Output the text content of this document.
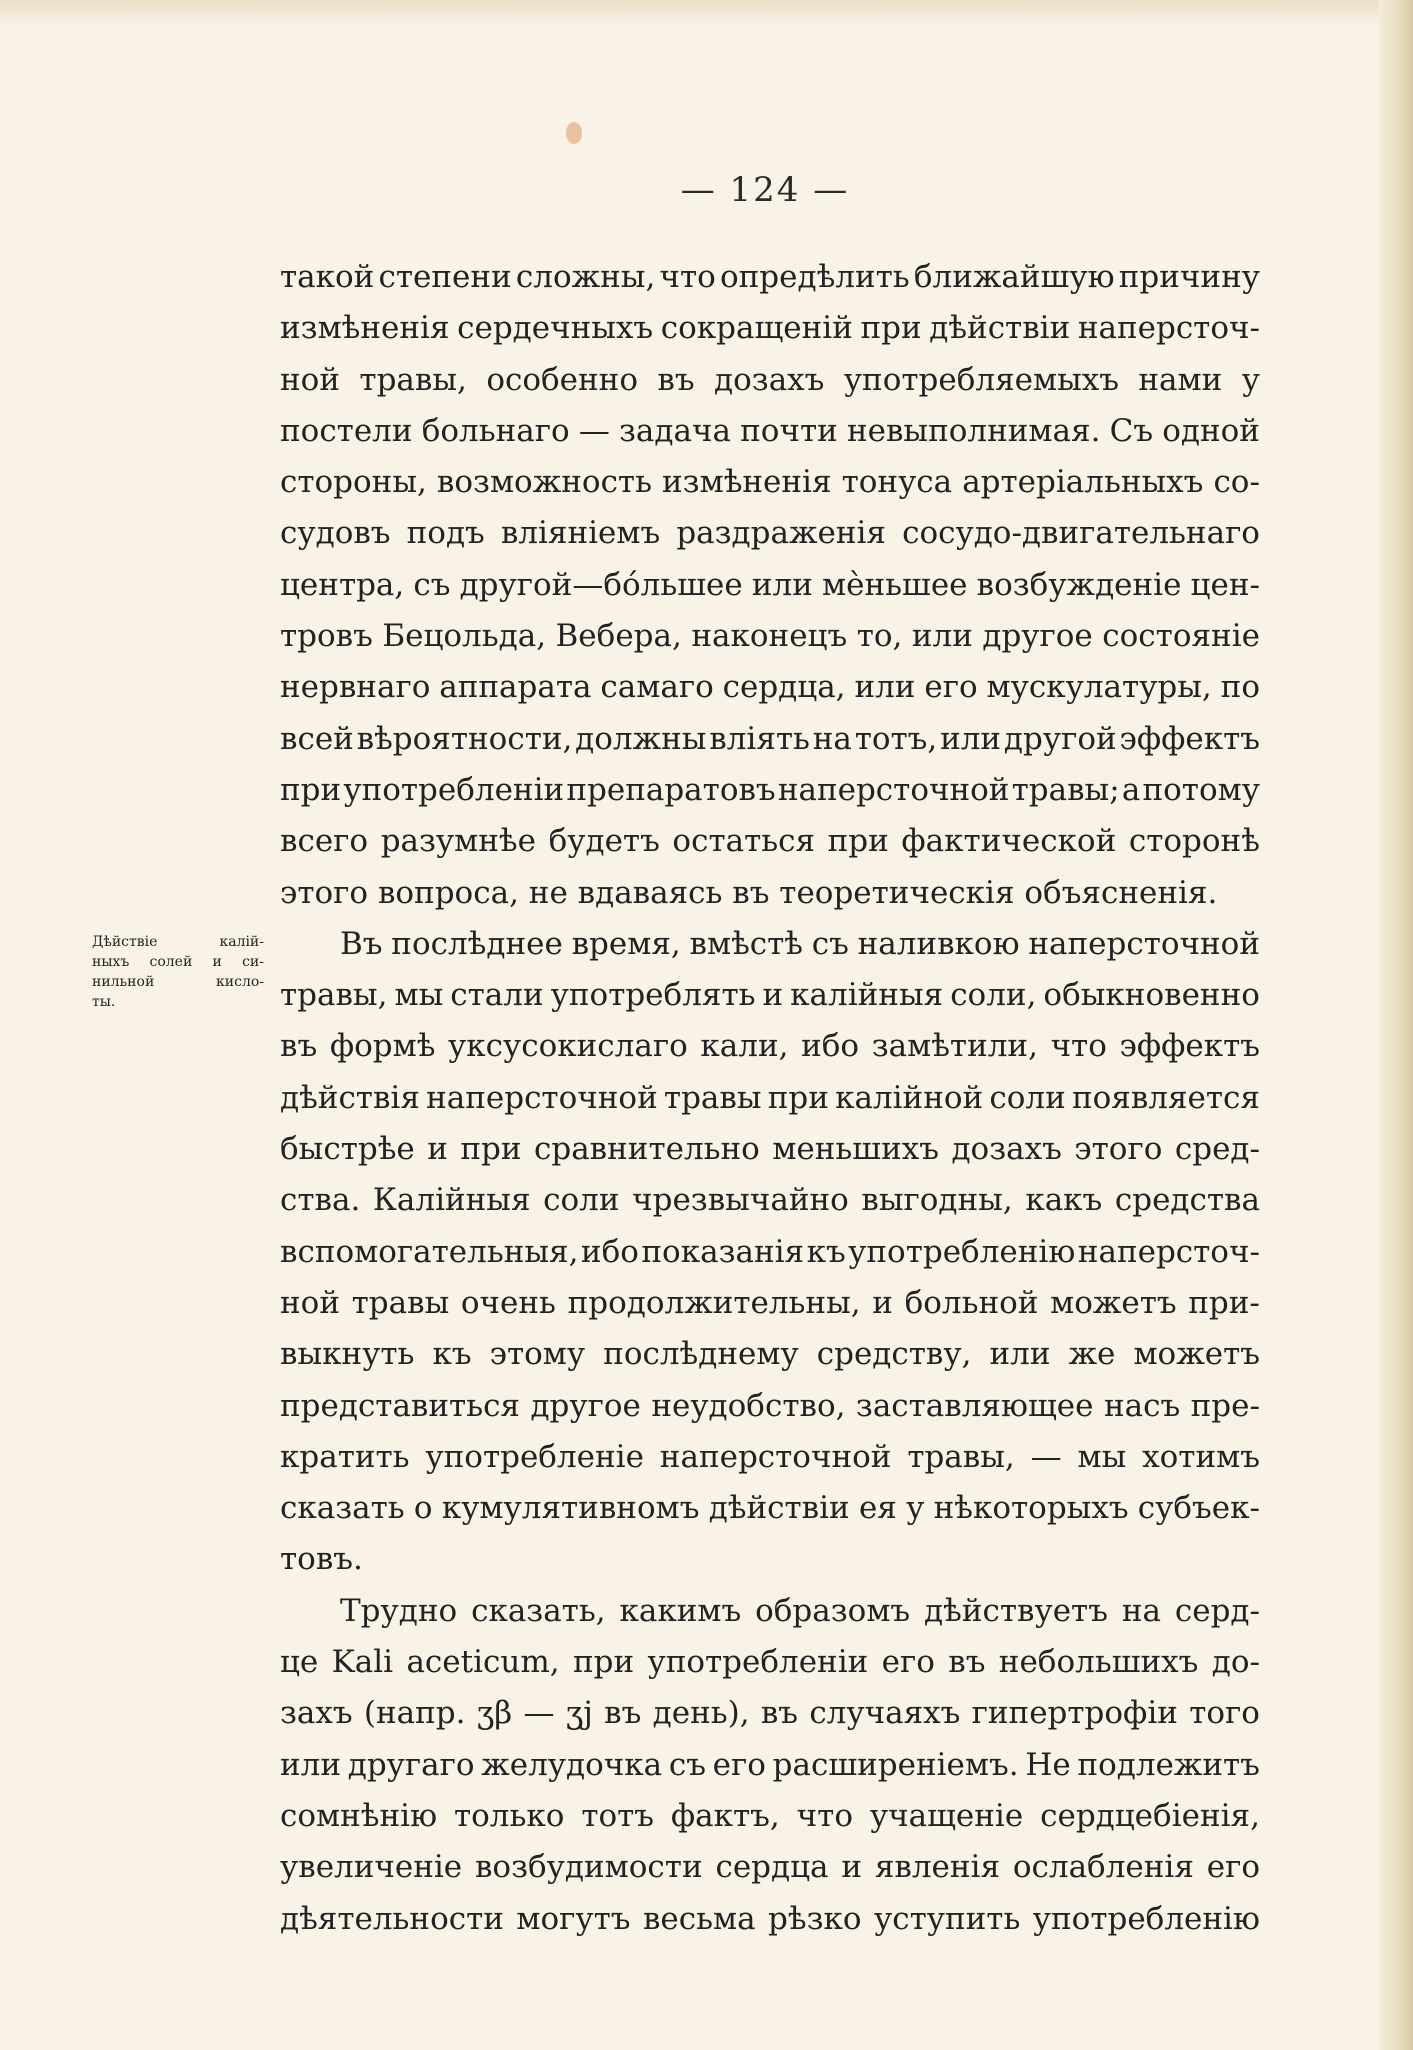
— 124 —
Дѣйствіе	калій-
ныхъ солей и си-
нильной	кисло-
ты.
такой степени сложны, что опредѣлить ближайшую причину
измѣненія сердечныхъ сокращеній при дѣйствіи наперсточ-
ной травы, особенно въ дозахъ употребляемыхъ нами у
постели больнаго — задача почти невыполнимая. Съ одной
стороны, возможность измѣненія тонуса артеріальныхъ со-
судовъ подъ вліяніемъ раздраженія сосудо-двигательнаго
центра, съ другой—бóльшее или мѐньшее возбужденіе цен-
тровъ Бецольда, Вебера, наконецъ то, или другое состояніе
нервнаго аппарата самаго сердца, или его мускулатуры, по
всей вѣроятности, должны влiять на тотъ, или другой эффектъ
при употребленіи препаратовъ наперсточной травы; а потому
всего разумнѣе будетъ остаться при фактической сторонѣ
этого вопроса, не вдаваясь въ теоретическія объясненія.
Въ послѣднее время, вмѣстѣ съ наливкою наперсточной
травы, мы стали употреблять и калійныя соли, обыкновенно
въ формѣ уксусокислаго кали, ибо замѣтили, что эффектъ
дѣйствія наперсточной травы при калійной соли появляется
быстрѣе и при сравнительно меньшихъ дозахъ этого сред-
ства. Калійныя соли чрезвычайно выгодны, какъ средства
вспомогательныя, ибо показанія къ употребленію наперсточ-
ной травы очень продолжительны, и больной можетъ при-
выкнуть къ этому послѣднему средству, или же можетъ
представиться другое неудобство, заставляющее насъ пре-
кратить употребленіе наперсточной травы, — мы хотимъ
сказать о кумулятивномъ дѣйствіи ея у нѣкоторыхъ субъек-
товъ.
Трудно сказать, какимъ образомъ дѣйствуетъ на серд-
це Kali aceticum, при употребленіи его въ небольшихъ до-
захъ (напр. ʒβ — ʒj въ день), въ случаяхъ гипертрофіи того
или другаго желудочка съ его расширеніемъ. Не подлежитъ
сомнѣнію только тотъ фактъ, что учащеніе сердцебіенія,
увеличеніе возбудимости сердца и явленія ослабленія его
дѣятельности могутъ весьма рѣзко уступить употребленію
